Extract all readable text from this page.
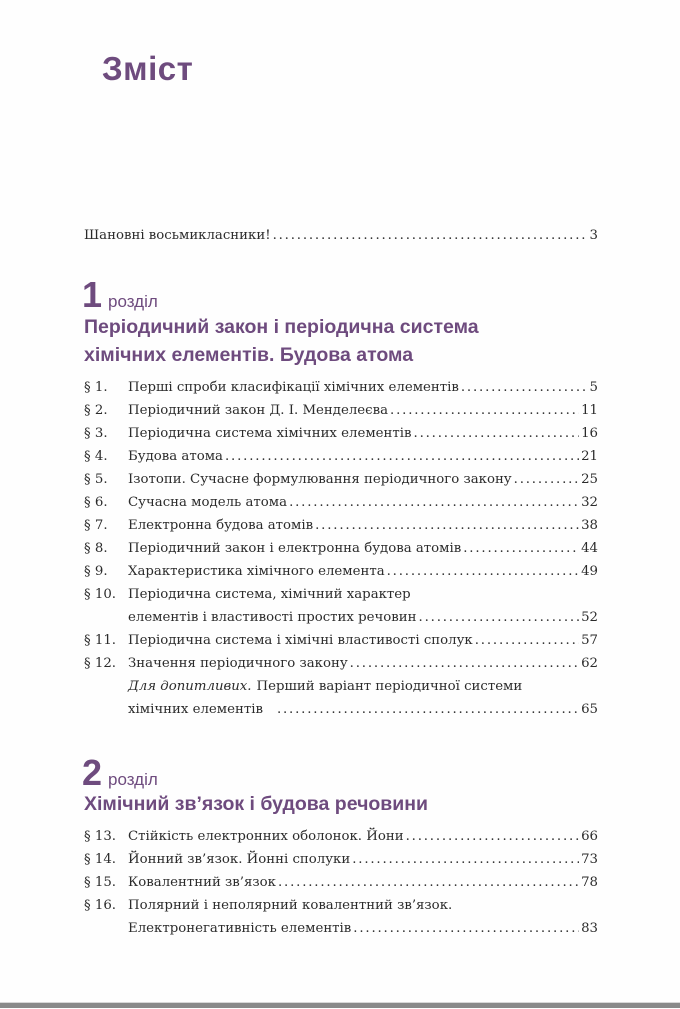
Зміст
Шановні восьмикласники! . . .	3
1 розділ
Періодичний закон і періодична система
хімічних елементів. Будова атома
§ 1.	Перші спроби класифікації хімічних елементів . . .	5
§ 2.	Періодичний закон Д. І. Менделеєва . . .	11
§ 3.	Періодична система хімічних елементів . . .	16
§ 4.	Будова атома . . .	21
§ 5.	Ізотопи. Сучасне формулювання періодичного закону . . .	25
§ 6.	Сучасна модель атома . . .	32
§ 7.	Електронна будова атомів . . .	38
§ 8.	Періодичний закон і електронна будова атомів . . .	44
§ 9.	Характеристика хімічного елемента . . .	49
§ 10. Періодична система, хімічний характер
елементів і властивості простих речовин . . .	52
§ 11. Періодична система і хімічні властивості сполук . . .	57
§ 12. Значення періодичного закону . . .	62
Для допитливих. Перший варіант періодичної системи
хімічних елементів . . .	65
2 розділ
Хімічний зв’язок і будова речовини
§ 13. Стійкість електронних оболонок. Йони . . .	66
§ 14. Йонний зв’язок. Йонні сполуки . . .	73
§ 15. Ковалентний зв’язок . . .	78
§ 16. Полярний і неполярний ковалентний зв’язок.
Електронегативність елементів . . .	83
